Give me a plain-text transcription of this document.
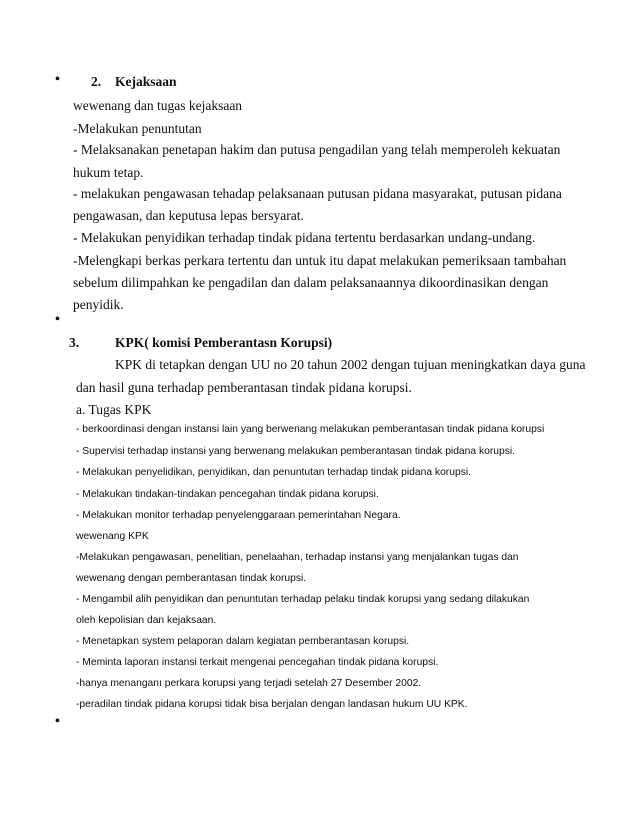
• 2. Kejaksaan
wewenang dan tugas kejaksaan
-Melakukan penuntutan
- Melaksanakan penetapan hakim dan putusa pengadilan yang telah memperoleh kekuatan
hukum tetap.
- melakukan pengawasan tehadap pelaksanaan putusan pidana masyarakat, putusan pidana
pengawasan, dan keputusa lepas bersyarat.
- Melakukan penyidikan terhadap tindak pidana tertentu berdasarkan undang-undang.
-Melengkapi berkas perkara tertentu dan untuk itu dapat melakukan pemeriksaan tambahan
sebelum dilimpahkan ke pengadilan dan dalam pelaksanaannya dikoordinasikan dengan
penyidik.
•
3.	KPK( komisi Pemberantasn Korupsi)
KPK di tetapkan dengan UU no 20 tahun 2002 dengan tujuan meningkatkan daya guna
dan hasil guna terhadap pemberantasan tindak pidana korupsi.
a. Tugas KPK
- berkoordinasi dengan instansi lain yang berwenang melakukan pemberantasan tindak pidana korupsi
- Supervisi terhadap instansi yang berwenang melakukan pemberantasan tindak pidana korupsi.
- Melakukan penyelidikan, penyidikan, dan penuntutan terhadap tindak pidana korupsi.
- Melakukan tindakan-tindakan pencegahan tindak pidana korupsi.
- Melakukan monitor terhadap penyelenggaraan pemerintahan Negara.
wewenang KPK
-Melakukan pengawasan, penelitian, penelaahan, terhadap instansi yang menjalankan tugas dan
wewenang dengan pemberantasan tindak korupsi.
- Mengambil alih penyidikan dan penuntutan terhadap pelaku tindak korupsi yang sedang dilakukan
oleh kepolisian dan kejaksaan.
- Menetapkan system pelaporan dalam kegiatan pemberantasan korupsi.
- Meminta laporan instansi terkait mengenai pencegahan tindak pidana korupsi.
-hanya menanganı perkara korupsi yang terjadi setelah 27 Desember 2002.
-peradilan tindak pidana korupsi tidak bisa berjalan dengan landasan hukum UU KPK.
•
